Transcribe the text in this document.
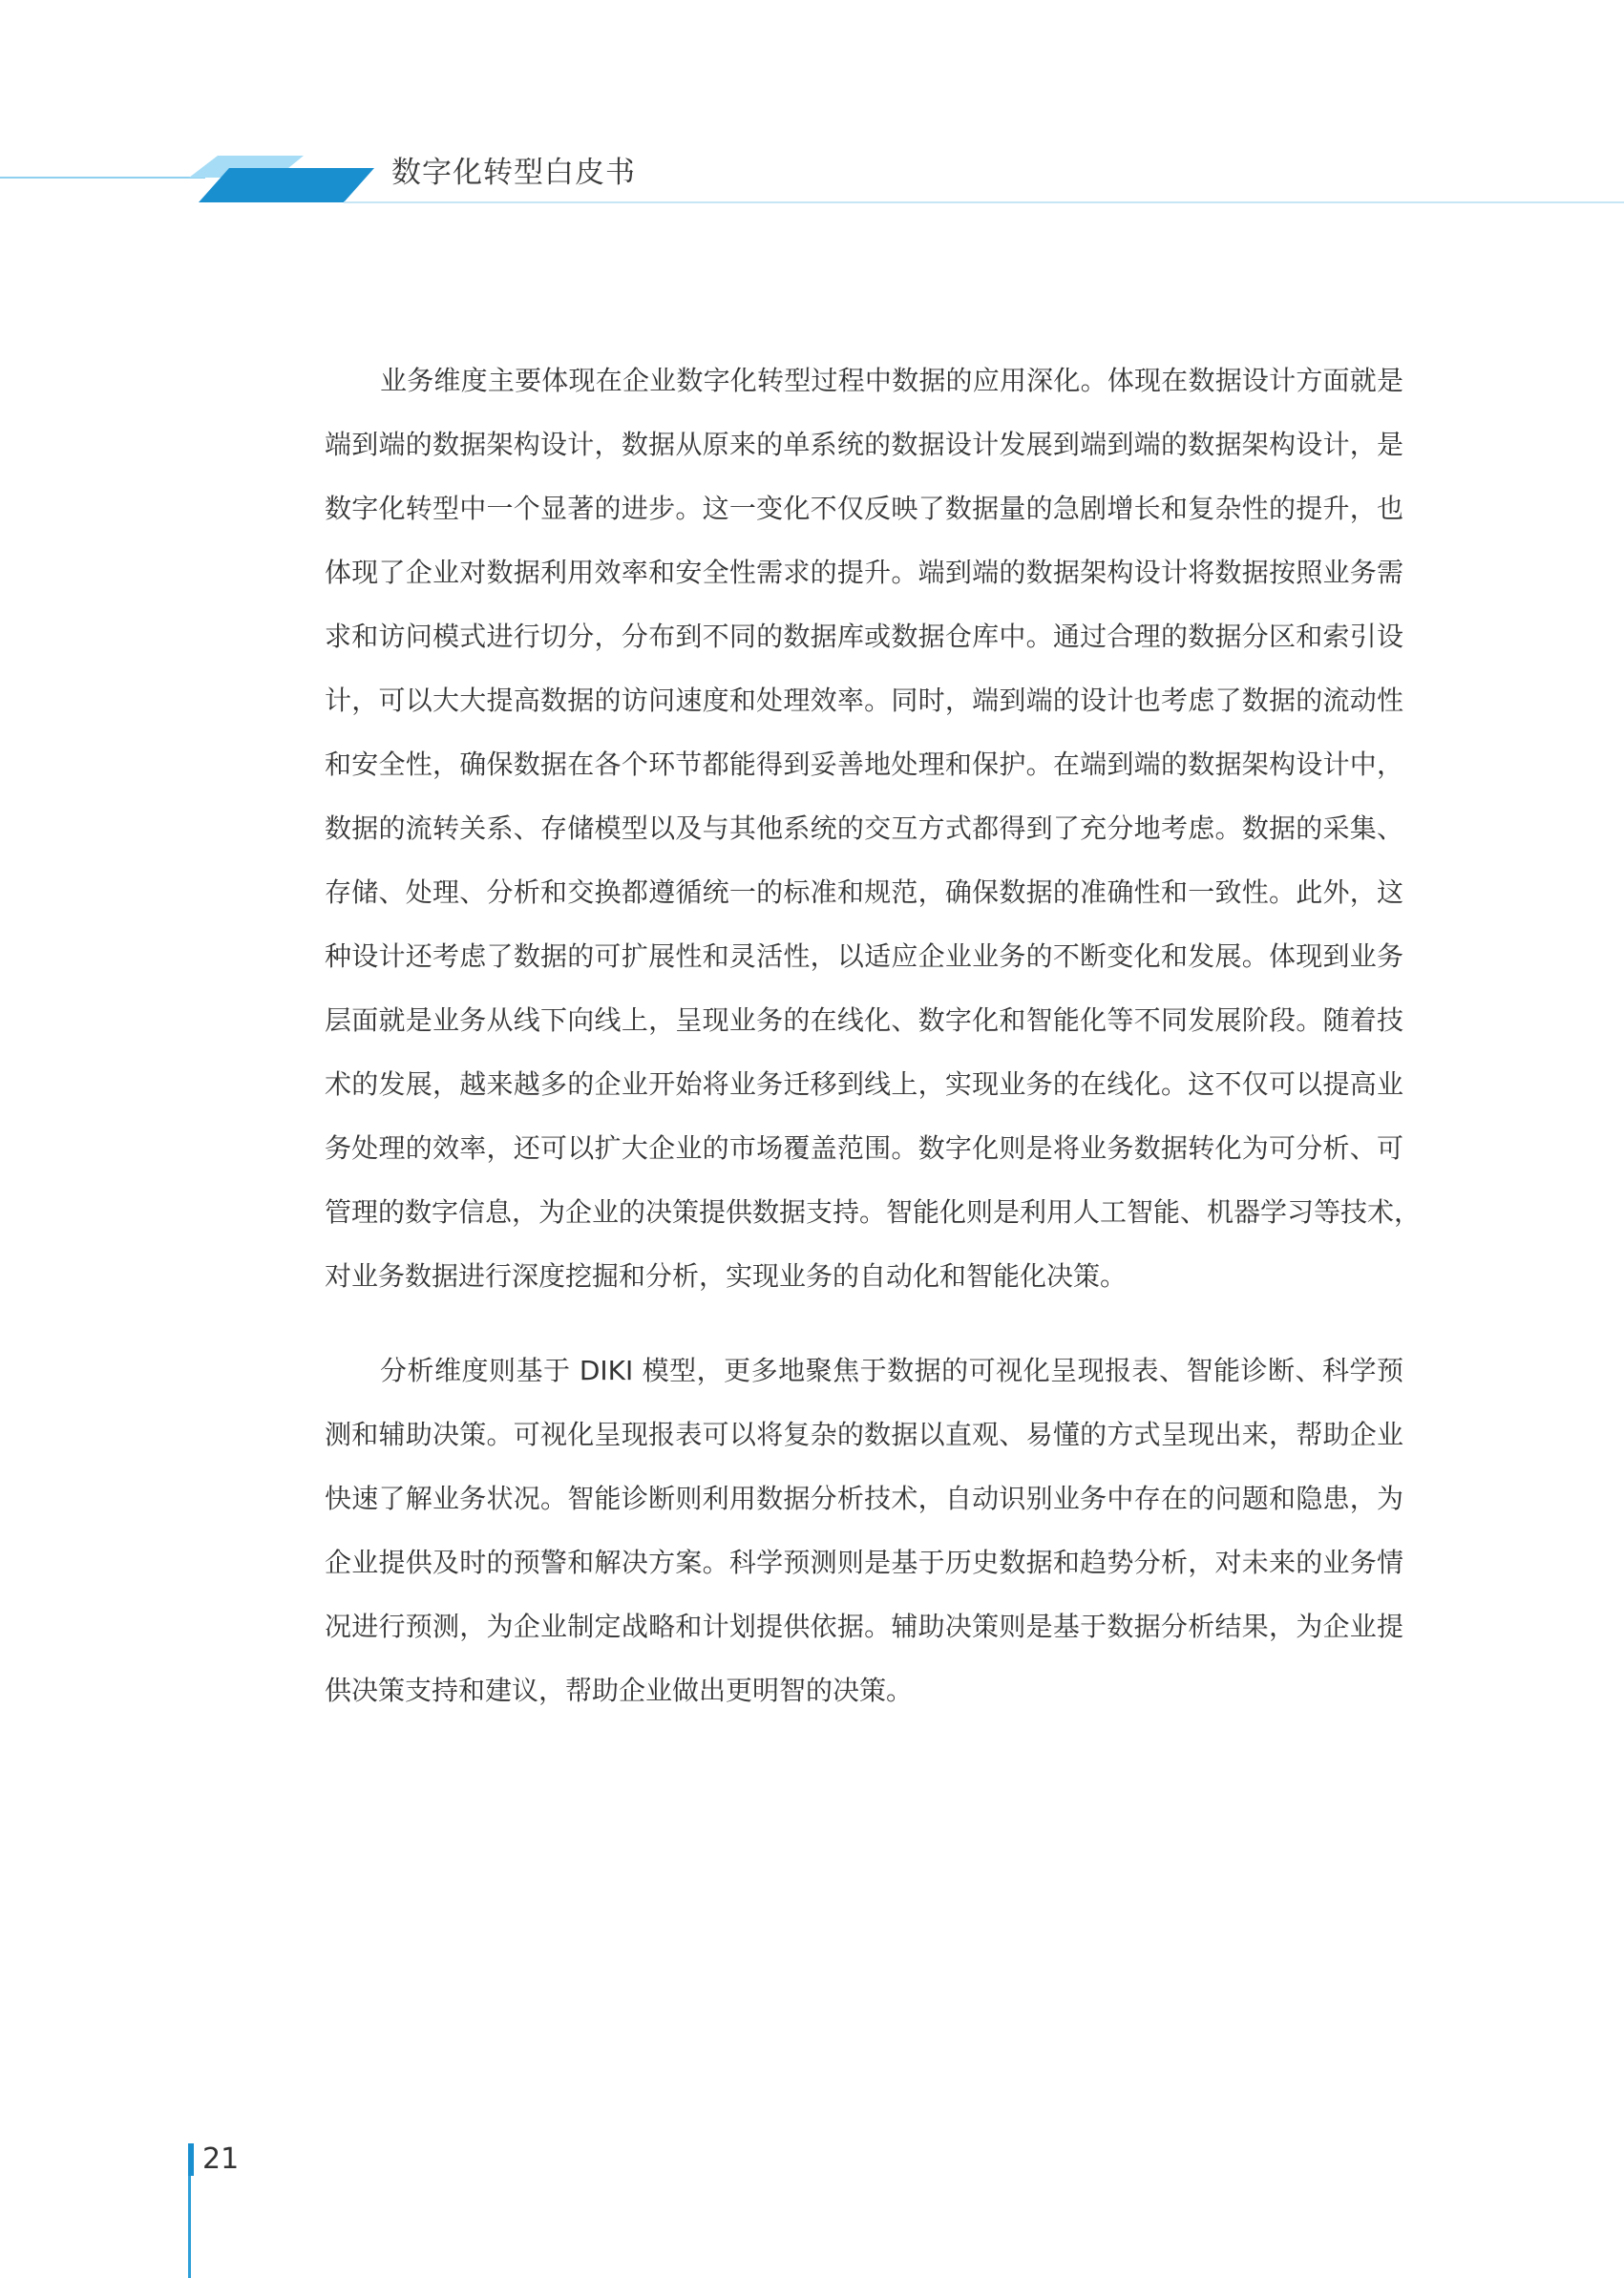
数字化转型白皮书

业务维度主要体现在企业数字化转型过程中数据的应用深化。体现在数据设计方面就是
端到端的数据架构设计，数据从原来的单系统的数据设计发展到端到端的数据架构设计，是
数字化转型中一个显著的进步。这一变化不仅反映了数据量的急剧增长和复杂性的提升，也
体现了企业对数据利用效率和安全性需求的提升。端到端的数据架构设计将数据按照业务需
求和访问模式进行切分，分布到不同的数据库或数据仓库中。通过合理的数据分区和索引设
计，可以大大提高数据的访问速度和处理效率。同时，端到端的设计也考虑了数据的流动性
和安全性，确保数据在各个环节都能得到妥善地处理和保护。在端到端的数据架构设计中，
数据的流转关系、存储模型以及与其他系统的交互方式都得到了充分地考虑。数据的采集、
存储、处理、分析和交换都遵循统一的标准和规范，确保数据的准确性和一致性。此外，这
种设计还考虑了数据的可扩展性和灵活性，以适应企业业务的不断变化和发展。体现到业务
层面就是业务从线下向线上，呈现业务的在线化、数字化和智能化等不同发展阶段。随着技
术的发展，越来越多的企业开始将业务迁移到线上，实现业务的在线化。这不仅可以提高业
务处理的效率，还可以扩大企业的市场覆盖范围。数字化则是将业务数据转化为可分析、可
管理的数字信息，为企业的决策提供数据支持。智能化则是利用人工智能、机器学习等技术，
对业务数据进行深度挖掘和分析，实现业务的自动化和智能化决策。

分析维度则基于 DIKI 模型，更多地聚焦于数据的可视化呈现报表、智能诊断、科学预
测和辅助决策。可视化呈现报表可以将复杂的数据以直观、易懂的方式呈现出来，帮助企业
快速了解业务状况。智能诊断则利用数据分析技术，自动识别业务中存在的问题和隐患，为
企业提供及时的预警和解决方案。科学预测则是基于历史数据和趋势分析，对未来的业务情
况进行预测，为企业制定战略和计划提供依据。辅助决策则是基于数据分析结果，为企业提
供决策支持和建议，帮助企业做出更明智的决策。

21
